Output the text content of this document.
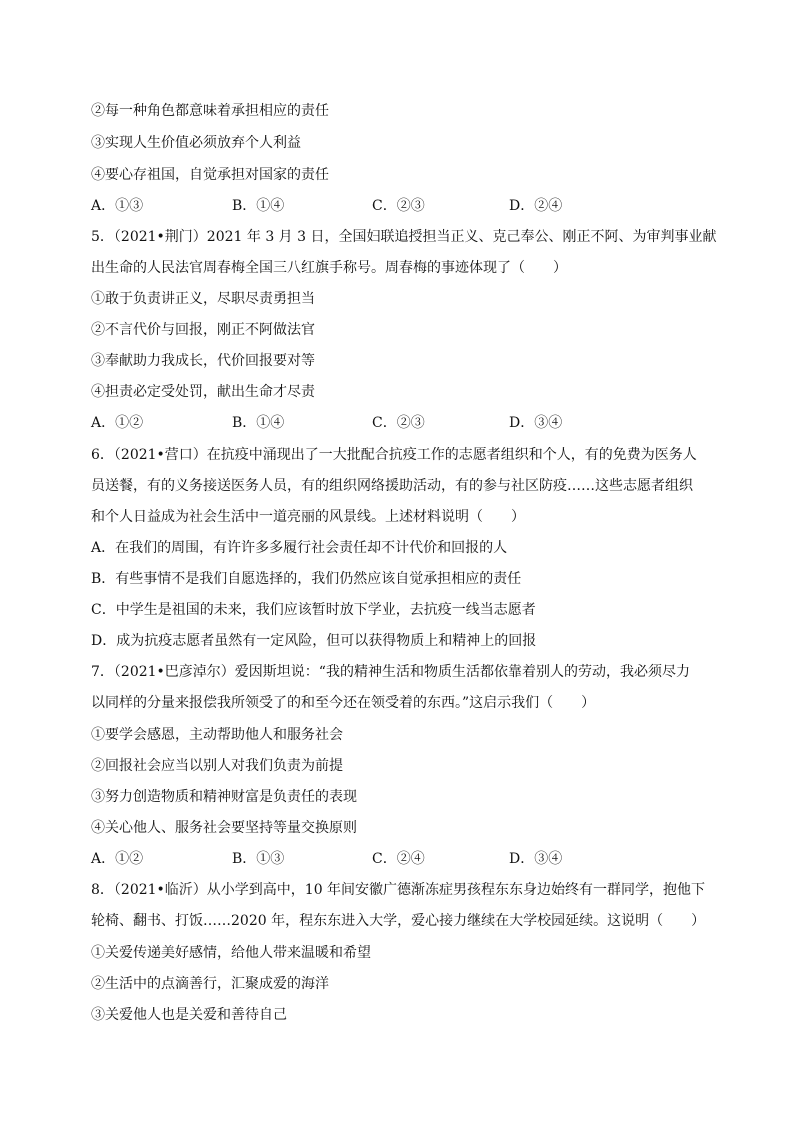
②每一种角色都意味着承担相应的责任
③实现人生价值必须放弃个人利益
④要心存祖国，自觉承担对国家的责任
A．①③	B．①④	C．②③	D．②④
5．（2021•荆门）2021 年 3 月 3 日，全国妇联追授担当正义、克己奉公、刚正不阿、为审判事业献
出生命的人民法官周春梅全国三八红旗手称号。周春梅的事迹体现了（　　）
①敢于负责讲正义，尽职尽责勇担当
②不言代价与回报，刚正不阿做法官
③奉献助力我成长，代价回报要对等
④担责必定受处罚，献出生命才尽责
A．①②	B．①④	C．②③	D．③④
6．（2021•营口）在抗疫中涌现出了一大批配合抗疫工作的志愿者组织和个人，有的免费为医务人
员送餐，有的义务接送医务人员，有的组织网络援助活动，有的参与社区防疫……这些志愿者组织
和个人日益成为社会生活中一道亮丽的风景线。上述材料说明（　　）
A．在我们的周围，有许许多多履行社会责任却不计代价和回报的人
B．有些事情不是我们自愿选择的，我们仍然应该自觉承担相应的责任
C．中学生是祖国的未来，我们应该暂时放下学业，去抗疫一线当志愿者
D．成为抗疫志愿者虽然有一定风险，但可以获得物质上和精神上的回报
7．（2021•巴彦淖尔）爱因斯坦说：“我的精神生活和物质生活都依靠着别人的劳动，我必须尽力
以同样的分量来报偿我所领受了的和至今还在领受着的东西。”这启示我们（　　）
①要学会感恩，主动帮助他人和服务社会
②回报社会应当以别人对我们负责为前提
③努力创造物质和精神财富是负责任的表现
④关心他人、服务社会要坚持等量交换原则
A．①②	B．①③	C．②④	D．③④
8．（2021•临沂）从小学到高中，10 年间安徽广德渐冻症男孩程东东身边始终有一群同学，抱他下
轮椅、翻书、打饭……2020 年，程东东进入大学，爱心接力继续在大学校园延续。这说明（　　）
①关爱传递美好感情，给他人带来温暖和希望
②生活中的点滴善行，汇聚成爱的海洋
③关爱他人也是关爱和善待自己
